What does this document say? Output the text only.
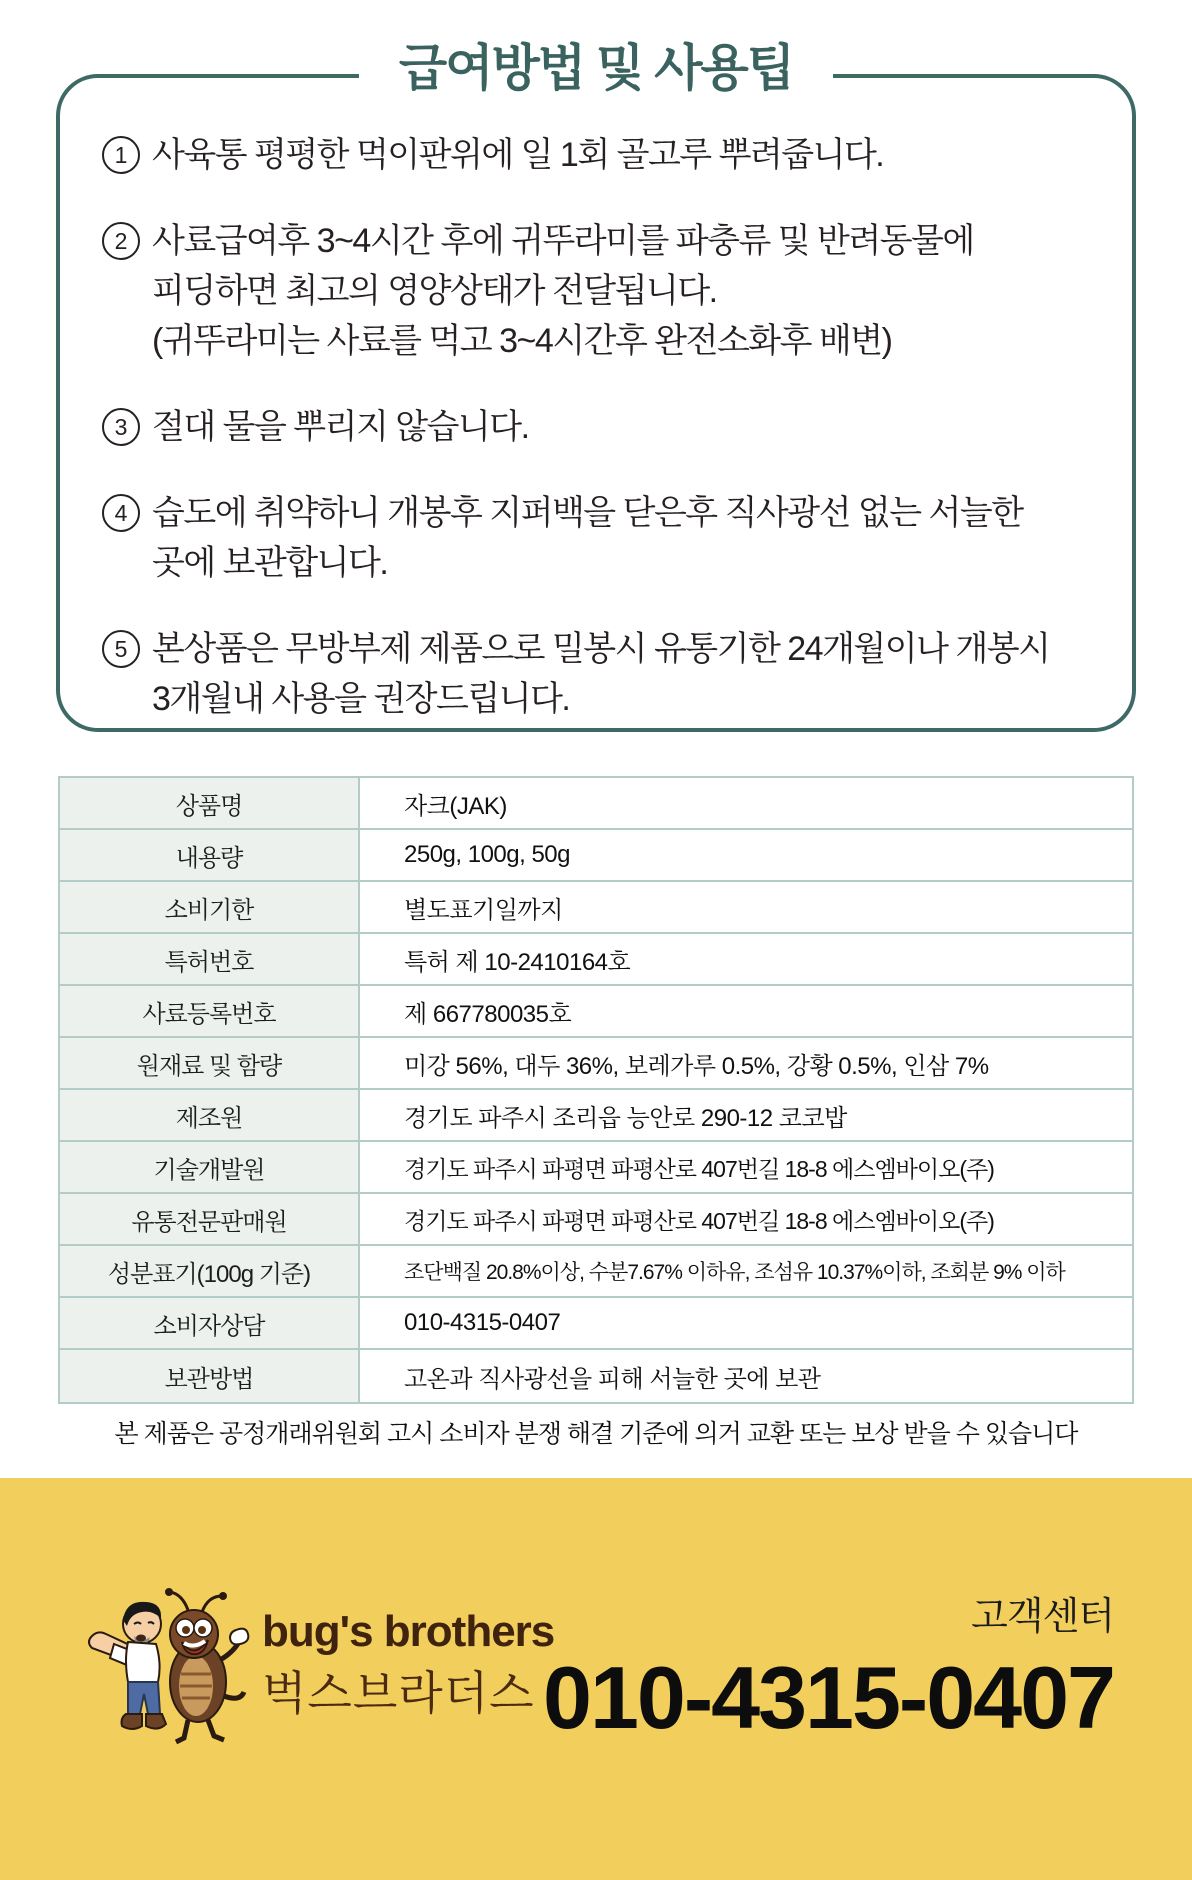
급여방법 및 사용팁
1 사육통 평평한 먹이판위에 일 1회 골고루 뿌려줍니다.
2 사료급여후 3~4시간 후에 귀뚜라미를 파충류 및 반려동물에
피딩하면 최고의 영양상태가 전달됩니다.
(귀뚜라미는 사료를 먹고 3~4시간후 완전소화후 배변)
3 절대 물을 뿌리지 않습니다.
4 습도에 취약하니 개봉후 지퍼백을 닫은후 직사광선 없는 서늘한
곳에 보관합니다.
5 본상품은 무방부제 제품으로 밀봉시 유통기한 24개월이나 개봉시
3개월내 사용을 권장드립니다.
상품명	자크(JAK)
내용량	250g, 100g, 50g
소비기한	별도표기일까지
특허번호	특허 제 10-2410164호
사료등록번호	제 667780035호
원재료 및 함량	미강 56%, 대두 36%, 보레가루 0.5%, 강황 0.5%, 인삼 7%
제조원	경기도 파주시 조리읍 능안로 290-12 코코밥
기술개발원	경기도 파주시 파평면 파평산로 407번길 18-8 에스엠바이오(주)
유통전문판매원	경기도 파주시 파평면 파평산로 407번길 18-8 에스엠바이오(주)
성분표기(100g 기준)	조단백질 20.8%이상, 수분7.67% 이하유, 조섬유 10.37%이하, 조회분 9% 이하
소비자상담	010-4315-0407
보관방법	고온과 직사광선을 피해 서늘한 곳에 보관

본 제품은 공정개래위원회 고시 소비자 분쟁 해결 기준에 의거 교환 또는 보상 받을 수 있습니다

bug's brothers
벅스브라더스
고객센터
010-4315-0407
